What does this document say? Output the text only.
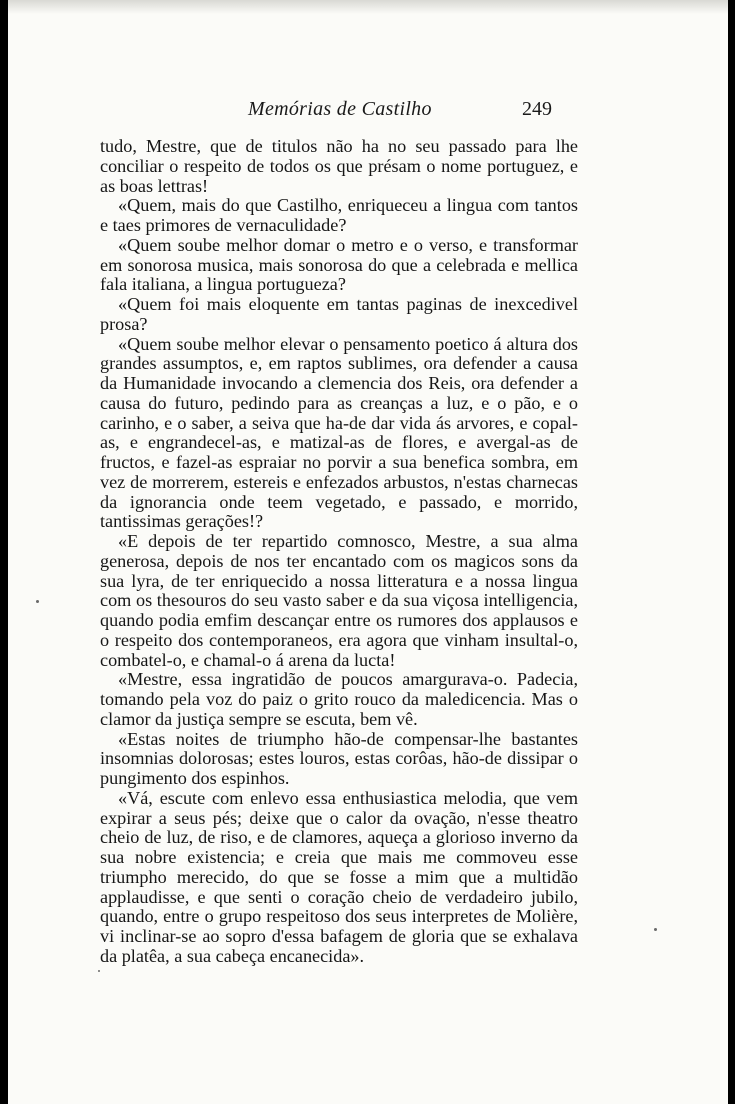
Memórias de Castilho	249

tudo, Mestre, que de titulos não ha no seu passado para lhe conciliar o respeito de todos os que présam o nome portuguez, e as boas lettras!

«Quem, mais do que Castilho, enriqueceu a lingua com tantos e taes primores de vernaculidade?

«Quem soube melhor domar o metro e o verso, e transformar em sonorosa musica, mais sonorosa do que a celebrada e mellica fala italiana, a lingua portugueza?

«Quem foi mais eloquente em tantas paginas de inexcedivel prosa?

«Quem soube melhor elevar o pensamento poetico á altura dos grandes assumptos, e, em raptos sublimes, ora defender a causa da Humanidade invocando a clemencia dos Reis, ora defender a causa do futuro, pedindo para as creanças a luz, e o pão, e o carinho, e o saber, a seiva que ha-de dar vida ás arvores, e copal-as, e engrandecel-as, e matizal-as de flores, e avergal-as de fructos, e fazel-as espraiar no porvir a sua benefica sombra, em vez de morrerem, estereis e enfezados arbustos, n'estas charnecas da ignorancia onde teem vegetado, e passado, e morrido, tantissimas gerações!?

«E depois de ter repartido comnosco, Mestre, a sua alma generosa, depois de nos ter encantado com os magicos sons da sua lyra, de ter enriquecido a nossa litteratura e a nossa lingua com os thesouros do seu vasto saber e da sua viçosa intelligencia, quando podia emfim descançar entre os rumores dos applausos e o respeito dos contemporaneos, era agora que vinham insultal-o, combatel-o, e chamal-o á arena da lucta!

«Mestre, essa ingratidão de poucos amargurava-o. Padecia, tomando pela voz do paiz o grito rouco da maledicencia. Mas o clamor da justiça sempre se escuta, bem vê.

«Estas noites de triumpho hão-de compensar-lhe bastantes insomnias dolorosas; estes louros, estas corôas, hão-de dissipar o pungimento dos espinhos.

«Vá, escute com enlevo essa enthusiastica melodia, que vem expirar a seus pés; deixe que o calor da ovação, n'esse theatro cheio de luz, de riso, e de clamores, aqueça a glorioso inverno da sua nobre existencia; e creia que mais me commoveu esse triumpho merecido, do que se fosse a mim que a multidão applaudisse, e que senti o coração cheio de verdadeiro jubilo, quando, entre o grupo respeitoso dos seus interpretes de Molière, vi inclinar-se ao sopro d'essa bafagem de gloria que se exhalava da platêa, a sua cabeça encanecida».
